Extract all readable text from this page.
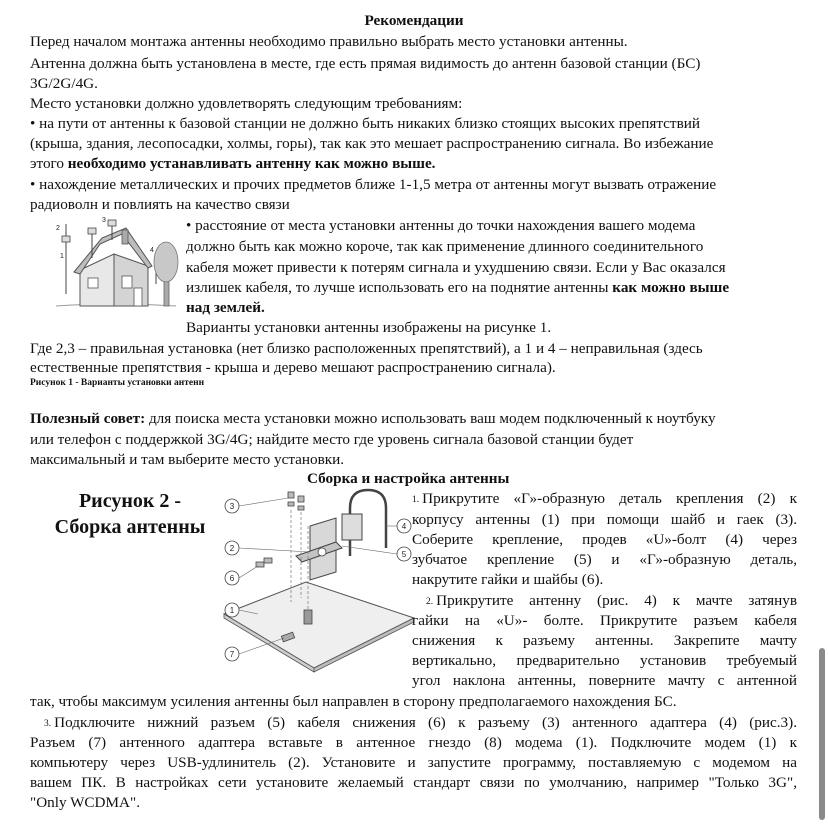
Рекомендации
Перед началом монтажа антенны необходимо правильно выбрать место установки антенны.
Антенна должна быть установлена в месте, где есть прямая видимость до антенн базовой станции (БС)
3G/2G/4G.
Место установки должно удовлетворять следующим требованиям:
• на пути от антенны к базовой станции не должно быть никаких близко стоящих высоких препятствий
(крыша, здания, лесопосадки, холмы, горы), так как это мешает распространению сигнала. Во избежание
этого необходимо устанавливать антенну как можно выше.
• нахождение металлических и прочих предметов ближе 1-1,5 метра от антенны могут вызвать отражение
радиоволн и повлиять на качество связи
2
3
1
4
• расстояние от места установки антенны до точки нахождения вашего модема
должно быть как можно короче, так как применение длинного соединительного
кабеля может привести к потерям сигнала и ухудшению связи. Если у Вас оказался
излишек кабеля, то лучше использовать его на поднятие антенны как можно выше
над землей.
Варианты установки антенны изображены на рисунке 1.
Где 2,3 – правильная установка (нет близко расположенных препятствий), а 1 и 4 – неправильная (здесь
естественные препятствия - крыша и дерево мешают распространению сигнала).
Рисунок 1 - Варианты установки антенн
Полезный совет: для поиска места установки можно использовать ваш модем подключенный к ноутбуку
или телефон с поддержкой 3G/4G; найдите место где уровень сигнала базовой станции будет
максимальный и там выберите место установки.
Сборка и настройка антенны
Рисунок 2 -
Сборка антенны
3
2
6
1
7
4
5
1. Прикрутите «Г»-образную деталь крепления (2) к
корпусу антенны (1) при помощи шайб и гаек (3).
Соберите крепление, продев «U»-болт (4) через
зубчатое крепление (5) и «Г»-образную деталь,
накрутите гайки и шайбы (6).
2. Прикрутите антенну (рис. 4) к мачте затянув
гайки на «U»- болте. Прикрутите разъем кабеля
снижения к разъему антенны. Закрепите мачту
вертикально, предварительно установив требуемый
угол наклона антенны, поверните мачту с антенной
так, чтобы максимум усиления антенны был направлен в сторону предполагаемого нахождения БС.
3. Подключите нижний разъем (5) кабеля снижения (6) к разъему (3) антенного адаптера (4) (рис.3).
Разъем (7) антенного адаптера вставьте в антенное гнездо (8) модема (1). Подключите модем (1) к
компьютеру через USB-удлинитель (2). Установите и запустите программу, поставляемую с модемом на
вашем ПК. В настройках сети установите желаемый стандарт связи по умолчанию, например "Только 3G",
"Only WCDMA".
